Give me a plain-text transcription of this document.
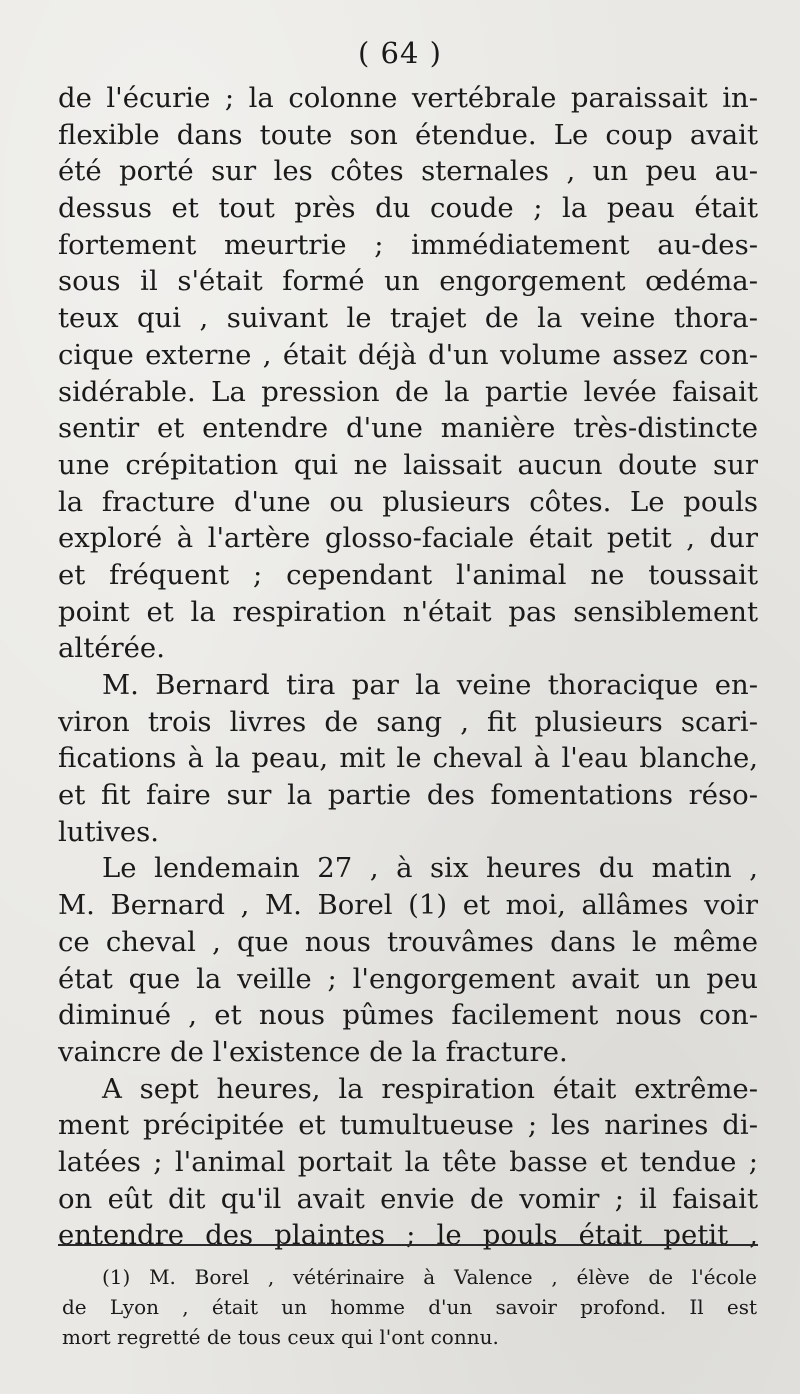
( 64 )
de l'écurie ; la colonne vertébrale paraissait in-
flexible dans toute son étendue. Le coup avait
été porté sur les côtes sternales , un peu au-
dessus et tout près du coude ; la peau était
fortement meurtrie ; immédiatement au-des-
sous il s'était formé un engorgement œdéma-
teux qui , suivant le trajet de la veine thora-
cique externe , était déjà d'un volume assez con-
sidérable. La pression de la partie levée faisait
sentir et entendre d'une manière très-distincte
une crépitation qui ne laissait aucun doute sur
la fracture d'une ou plusieurs côtes. Le pouls
exploré à l'artère glosso-faciale était petit , dur
et fréquent ; cependant l'animal ne toussait
point et la respiration n'était pas sensiblement
altérée.
M. Bernard tira par la veine thoracique en-
viron trois livres de sang , fit plusieurs scari-
fications à la peau, mit le cheval à l'eau blanche,
et fit faire sur la partie des fomentations réso-
lutives.
Le lendemain 27 , à six heures du matin ,
M. Bernard , M. Borel (1) et moi, allâmes voir
ce cheval , que nous trouvâmes dans le même
état que la veille ; l'engorgement avait un peu
diminué , et nous pûmes facilement nous con-
vaincre de l'existence de la fracture.
A sept heures, la respiration était extrême-
ment précipitée et tumultueuse ; les narines di-
latées ; l'animal portait la tête basse et tendue ;
on eût dit qu'il avait envie de vomir ; il faisait
entendre des plaintes ; le pouls était petit ,
(1) M. Borel , vétérinaire à Valence , élève de l'école
de Lyon , était un homme d'un savoir profond. Il est
mort regretté de tous ceux qui l'ont connu.
